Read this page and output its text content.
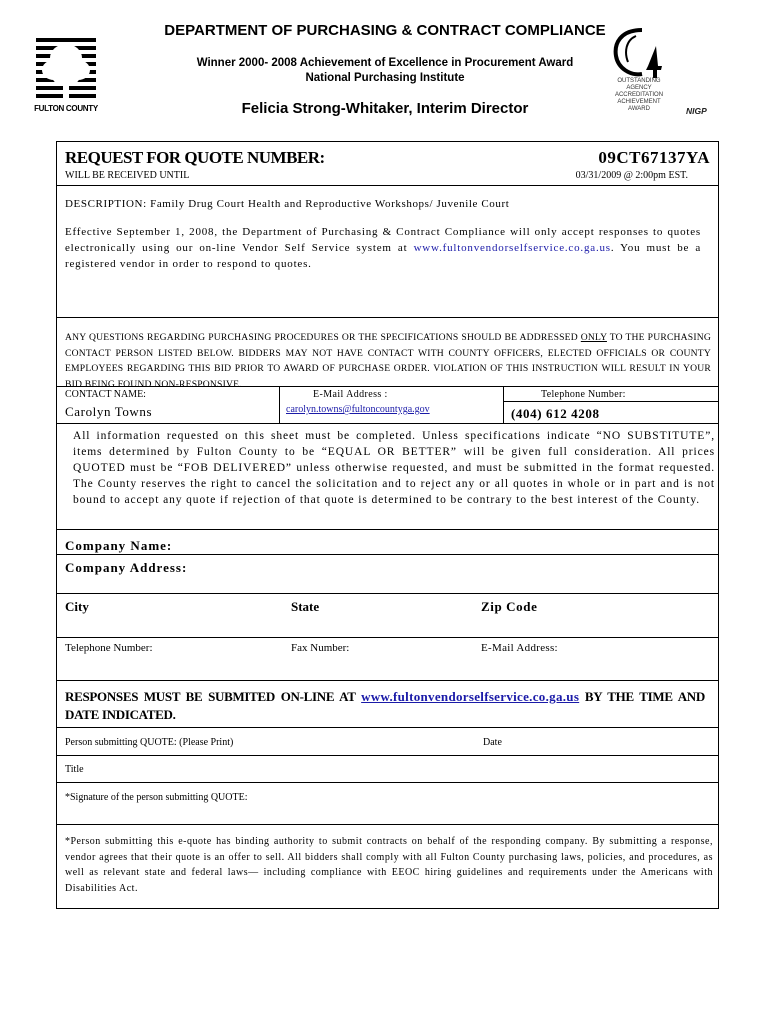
DEPARTMENT OF PURCHASING & CONTRACT COMPLIANCE
Winner 2000- 2008 Achievement of Excellence in Procurement Award
National Purchasing Institute
Felicia Strong-Whitaker, Interim Director
FULTON COUNTY
OUTSTANDING
AGENCY
ACCREDITATION
ACHIEVEMENT
AWARD	NIGP
REQUEST FOR QUOTE NUMBER:	09CT67137YA
WILL BE RECEIVED UNTIL	03/31/2009 @ 2:00pm EST.
DESCRIPTION: Family Drug Court Health and Reproductive Workshops/ Juvenile Court
Effective September 1, 2008, the Department of Purchasing & Contract Compliance will only accept responses to quotes electronically using our on-line Vendor Self Service system at www.fultonvendorselfservice.co.ga.us. You must be a registered vendor in order to respond to quotes.
ANY QUESTIONS REGARDING PURCHASING PROCEDURES OR THE SPECIFICATIONS SHOULD BE ADDRESSED ONLY TO THE PURCHASING CONTACT PERSON LISTED BELOW. BIDDERS MAY NOT HAVE CONTACT WITH COUNTY OFFICERS, ELECTED OFFICIALS OR COUNTY EMPLOYEES REGARDING THIS BID PRIOR TO AWARD OF PURCHASE ORDER. VIOLATION OF THIS INSTRUCTION WILL RESULT IN YOUR BID BEING FOUND NON-RESPONSIVE.
CONTACT NAME:
Carolyn Towns
E-Mail Address :
carolyn.towns@fultoncountyga.gov
Telephone Number:
(404) 612 4208
All information requested on this sheet must be completed. Unless specifications indicate “NO SUBSTITUTE”, items determined by Fulton County to be “EQUAL OR BETTER” will be given full consideration. All prices QUOTED must be “FOB DELIVERED” unless otherwise requested, and must be submitted in the format requested. The County reserves the right to cancel the solicitation and to reject any or all quotes in whole or in part and is not bound to accept any quote if rejection of that quote is determined to be contrary to the best interest of the County.
Company Name:
Company Address:
City	State	Zip Code
Telephone Number:	Fax Number:	E-Mail Address:
RESPONSES MUST BE SUBMITED ON-LINE AT www.fultonvendorselfservice.co.ga.us BY THE TIME AND DATE INDICATED.
Person submitting QUOTE: (Please Print)	Date
Title
*Signature of the person submitting QUOTE:
*Person submitting this e-quote has binding authority to submit contracts on behalf of the responding company. By submitting a response, vendor agrees that their quote is an offer to sell. All bidders shall comply with all Fulton County purchasing laws, policies, and procedures, as well as relevant state and federal laws— including compliance with EEOC hiring guidelines and requirements under the Americans with Disabilities Act.
